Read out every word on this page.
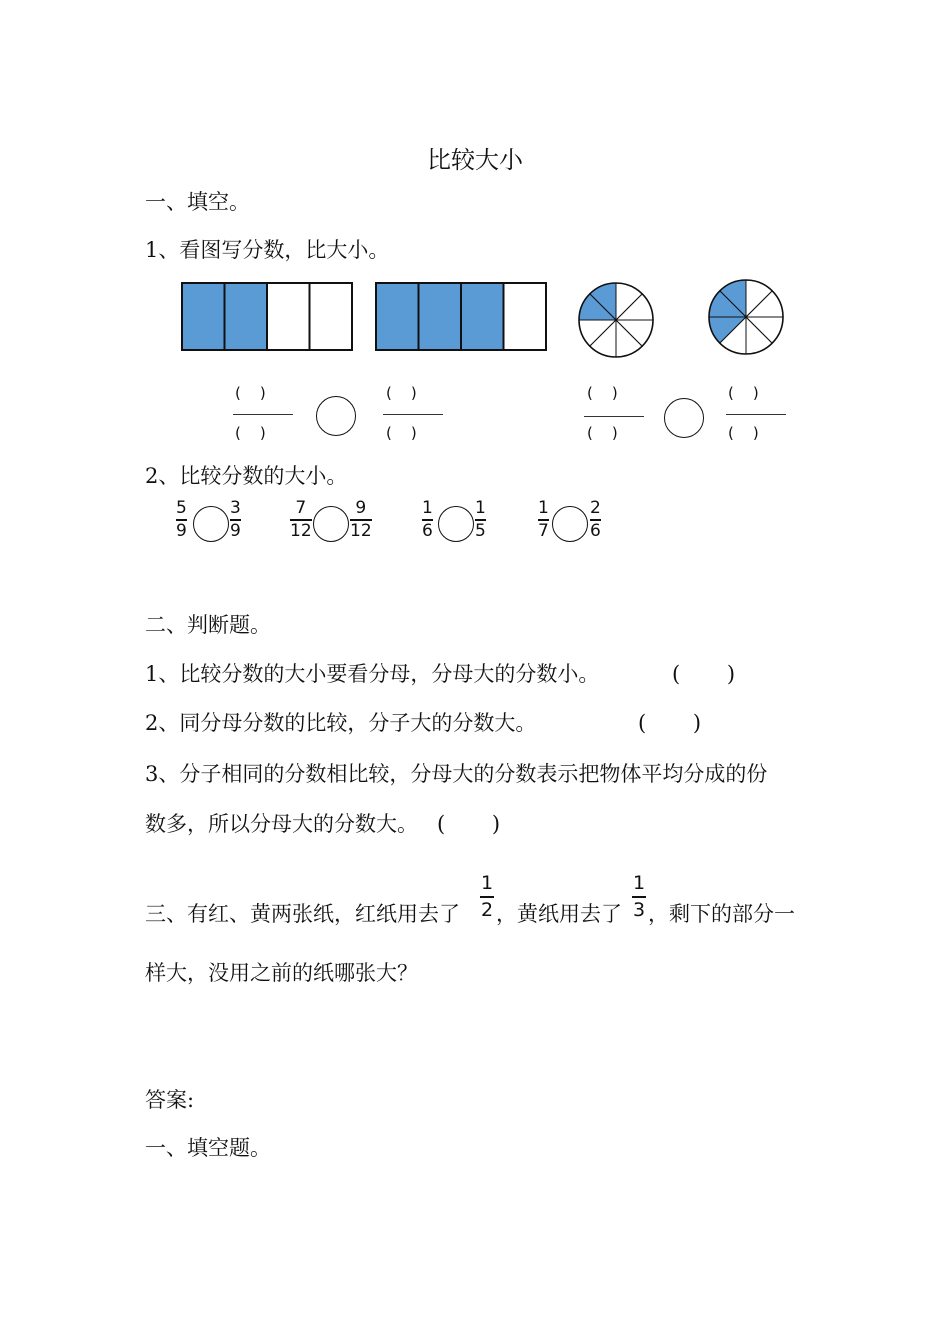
比较大小
一、填空。
1、看图写分数，比大小。
(    )
(    )
(    )
(    )
(    )
(    )
(    )
(    )
2、比较分数的大小。
5
9
3
9
7
12
9
12
1
6
1
5
1
7
2
6
二、判断题。
1、比较分数的大小要看分母，分母大的分数小。	(       )
2、同分母分数的比较，分子大的分数大。	(       )
3、分子相同的分数相比较，分母大的分数表示把物体平均分成的份
数多，所以分母大的分数大。 (       )
三、有红、黄两张纸，红纸用去了
1
2 ，黄纸用去了
1
3 ，剩下的部分一
样大，没用之前的纸哪张大？
答案:
一、填空题。
